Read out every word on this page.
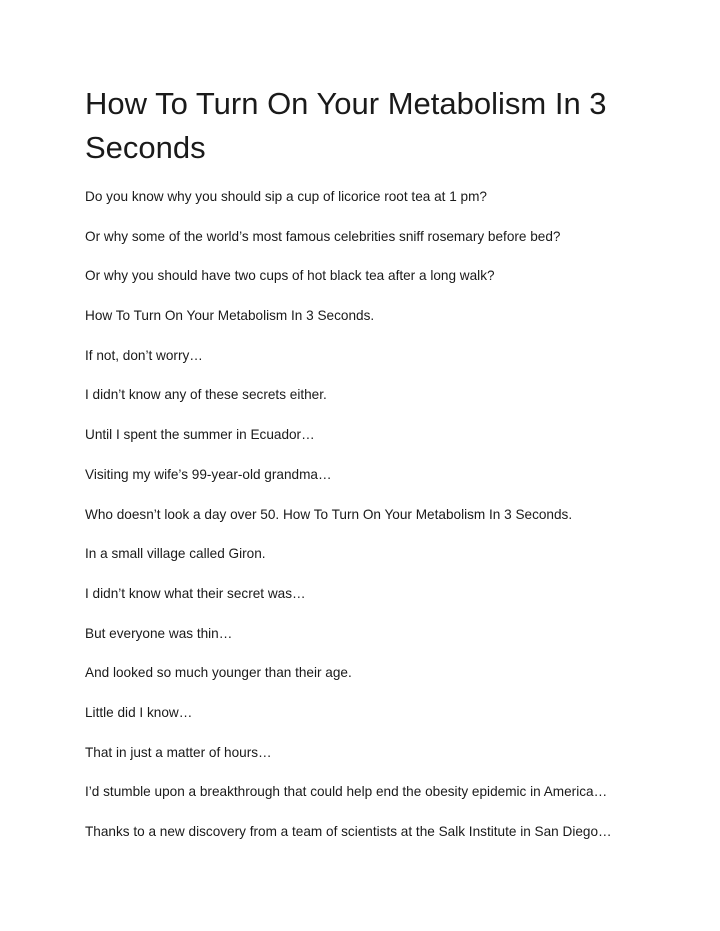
How To Turn On Your Metabolism In 3 Seconds
Do you know why you should sip a cup of licorice root tea at 1 pm?
Or why some of the world’s most famous celebrities sniff rosemary before bed?
Or why you should have two cups of hot black tea after a long walk?
How To Turn On Your Metabolism In 3 Seconds.
If not, don’t worry…
I didn’t know any of these secrets either.
Until I spent the summer in Ecuador…
Visiting my wife’s 99-year-old grandma…
Who doesn’t look a day over 50. How To Turn On Your Metabolism In 3 Seconds.
In a small village called Giron.
I didn’t know what their secret was…
But everyone was thin…
And looked so much younger than their age.
Little did I know…
That in just a matter of hours…
I’d stumble upon a breakthrough that could help end the obesity epidemic in America…
Thanks to a new discovery from a team of scientists at the Salk Institute in San Diego…
